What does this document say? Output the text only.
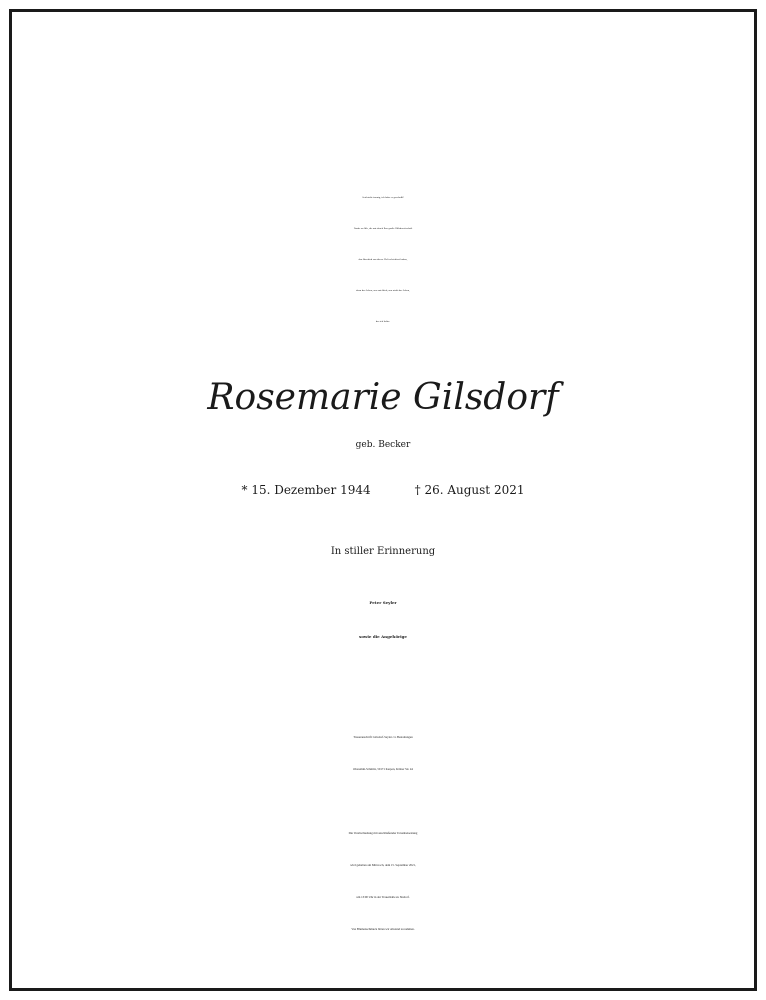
Seid nicht traurig, ich habe es geschafft!
Danke an Alle, die mir durch Ihre große Hilfsbereitschaft
den Abschied von dieser Welt erleichtert haben,
denn das Leben, was mir blieb, war nicht das Leben,
das ich liebte.
Rosemarie Gilsdorf
geb. Becker
* 15. Dezember 1944	† 26. August 2021
In stiller Erinnerung
Peter Seyler
sowie die Angehörige
Traueranschrift: Gilsdorf-Seyler c/o Bestattungen
Oberemm-Schmitz, 50171 Kerpen, Kölner Str. 44
Die Verabschiedung mit anschließender Urnenbeisetzung
wird gehalten am Mittwoch, dem 15. September 2021,
um 13:00 Uhr in der Trauerhalle zu Sindorf.
Von Blumenschmuck bitten wir Abstand zu nehmen.
